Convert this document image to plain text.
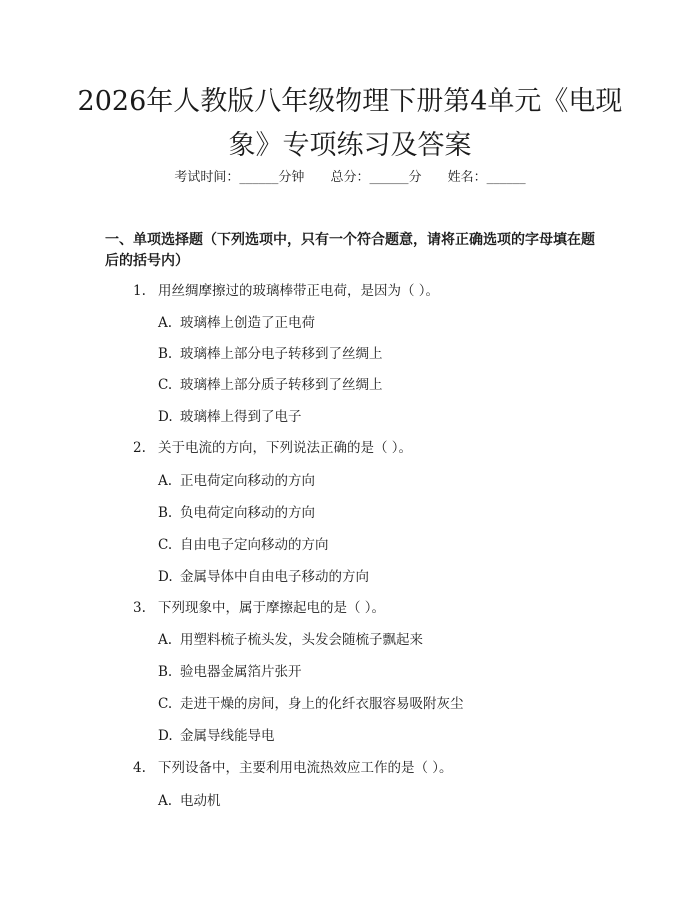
2026年人教版八年级物理下册第4单元《电现象》专项练习及答案
考试时间：______分钟 总分：______分 姓名：______
一、单项选择题（下列选项中，只有一个符合题意，请将正确选项的字母填在题后的括号内）
1. 用丝绸摩擦过的玻璃棒带正电荷，是因为（ ）。
A. 玻璃棒上创造了正电荷
B. 玻璃棒上部分电子转移到了丝绸上
C. 玻璃棒上部分质子转移到了丝绸上
D. 玻璃棒上得到了电子
2. 关于电流的方向，下列说法正确的是（ ）。
A. 正电荷定向移动的方向
B. 负电荷定向移动的方向
C. 自由电子定向移动的方向
D. 金属导体中自由电子移动的方向
3. 下列现象中，属于摩擦起电的是（ ）。
A. 用塑料梳子梳头发，头发会随梳子飘起来
B. 验电器金属箔片张开
C. 走进干燥的房间，身上的化纤衣服容易吸附灰尘
D. 金属导线能导电
4. 下列设备中，主要利用电流热效应工作的是（ ）。
A. 电动机
